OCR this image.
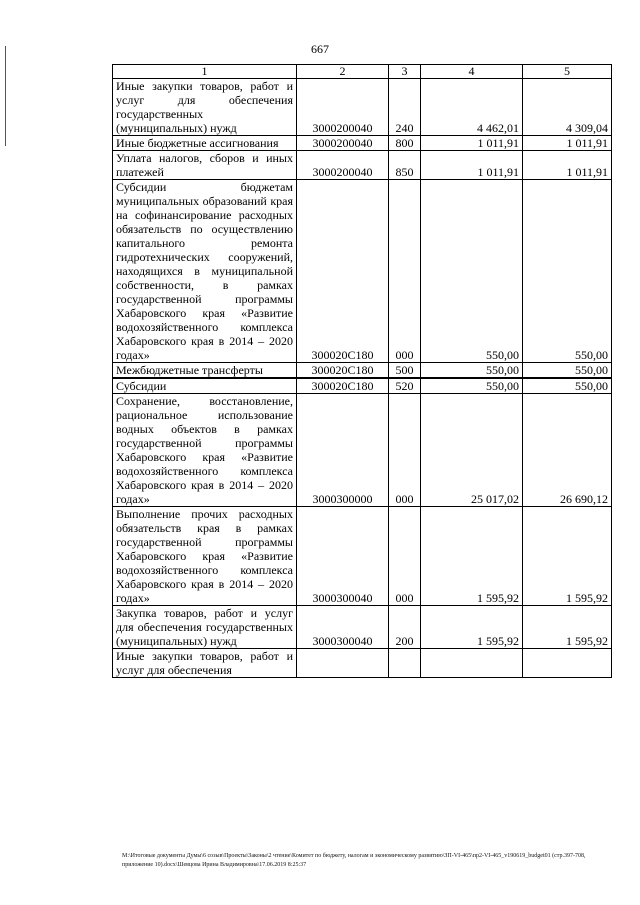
667
1	2	3	4	5
Иные закупки товаров, работ и услуг для обеспечения государственных (муниципальных) нужд	3000200040	240	4 462,01	4 309,04
Иные бюджетные ассигнования	3000200040	800	1 011,91	1 011,91
Уплата налогов, сборов и иных платежей	3000200040	850	1 011,91	1 011,91
Субсидии бюджетам муниципальных образований края на софинансирование расходных обязательств по осуществлению капитального ремонта гидротехнических сооружений, находящихся в муниципальной собственности, в рамках государственной программы Хабаровского края «Развитие водохозяйственного комплекса Хабаровского края в 2014 – 2020 годах»	300020С180	000	550,00	550,00
Межбюджетные трансферты	300020С180	500	550,00	550,00
Субсидии	300020С180	520	550,00	550,00
Сохранение, восстановление, рациональное использование водных объектов в рамках государственной программы Хабаровского края «Развитие водохозяйственного комплекса Хабаровского края в 2014 – 2020 годах»	3000300000	000	25 017,02	26 690,12
Выполнение прочих расходных обязательств края в рамках государственной программы Хабаровского края «Развитие водохозяйственного комплекса Хабаровского края в 2014 – 2020 годах»	3000300040	000	1 595,92	1 595,92
Закупка товаров, работ и услуг для обеспечения государственных (муниципальных) нужд	3000300040	200	1 595,92	1 595,92
Иные закупки товаров, работ и услуг для обеспечения				
M:\Итоговые документы Думы\6 созыв\Проекты\Законы\2 чтение\Комитет по бюджету, налогам и экономическому развитию\ЗП-VI-465\пр2-VI-465_v190619_budget01 (стр.397-708, приложение 10).docx\Шевцова Ирина Владимировна\17.06.2019 8:25:37
